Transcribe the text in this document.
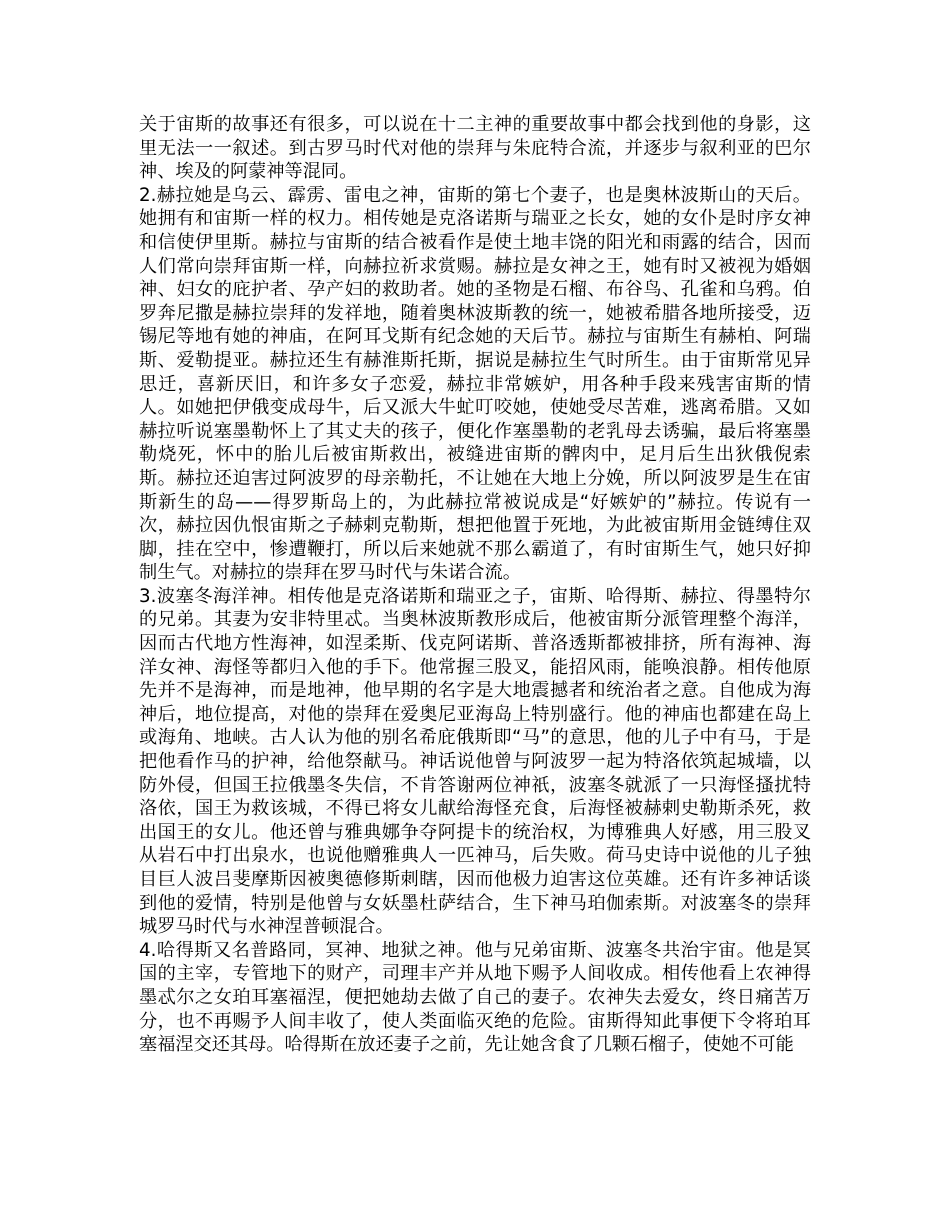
关于宙斯的故事还有很多，可以说在十二主神的重要故事中都会找到他的身影，这里无法一一叙述。到古罗马时代对他的崇拜与朱庇特合流，并逐步与叙利亚的巴尔神、埃及的阿蒙神等混同。

2.赫拉她是乌云、霹雳、雷电之神，宙斯的第七个妻子，也是奥林波斯山的天后。她拥有和宙斯一样的权力。相传她是克洛诺斯与瑞亚之长女，她的女仆是时序女神和信使伊里斯。赫拉与宙斯的结合被看作是使土地丰饶的阳光和雨露的结合，因而人们常向崇拜宙斯一样，向赫拉祈求赏赐。赫拉是女神之王，她有时又被视为婚姻神、妇女的庇护者、孕产妇的救助者。她的圣物是石榴、布谷鸟、孔雀和乌鸦。伯罗奔尼撒是赫拉崇拜的发祥地，随着奥林波斯教的统一，她被希腊各地所接受，迈锡尼等地有她的神庙，在阿耳戈斯有纪念她的天后节。赫拉与宙斯生有赫柏、阿瑞斯、爱勒提亚。赫拉还生有赫淮斯托斯，据说是赫拉生气时所生。由于宙斯常见异思迁，喜新厌旧，和许多女子恋爱，赫拉非常嫉妒，用各种手段来残害宙斯的情人。如她把伊俄变成母牛，后又派大牛虻叮咬她，使她受尽苦难，逃离希腊。又如赫拉听说塞墨勒怀上了其丈夫的孩子，便化作塞墨勒的老乳母去诱骗，最后将塞墨勒烧死，怀中的胎儿后被宙斯救出，被缝进宙斯的髀肉中，足月后生出狄俄倪索斯。赫拉还迫害过阿波罗的母亲勒托，不让她在大地上分娩，所以阿波罗是生在宙斯新生的岛——得罗斯岛上的，为此赫拉常被说成是“好嫉妒的”赫拉。传说有一次，赫拉因仇恨宙斯之子赫剌克勒斯，想把他置于死地，为此被宙斯用金链缚住双脚，挂在空中，惨遭鞭打，所以后来她就不那么霸道了，有时宙斯生气，她只好抑制生气。对赫拉的崇拜在罗马时代与朱诺合流。

3.波塞冬海洋神。相传他是克洛诺斯和瑞亚之子，宙斯、哈得斯、赫拉、得墨特尔的兄弟。其妻为安非特里忒。当奥林波斯教形成后，他被宙斯分派管理整个海洋，因而古代地方性海神，如涅柔斯、伐克阿诺斯、普洛透斯都被排挤，所有海神、海洋女神、海怪等都归入他的手下。他常握三股叉，能招风雨，能唤浪静。相传他原先并不是海神，而是地神，他早期的名字是大地震撼者和统治者之意。自他成为海神后，地位提高，对他的崇拜在爱奥尼亚海岛上特别盛行。他的神庙也都建在岛上或海角、地峡。古人认为他的别名希庇俄斯即“马”的意思，他的儿子中有马，于是把他看作马的护神，给他祭献马。神话说他曾与阿波罗一起为特洛依筑起城墙，以防外侵，但国王拉俄墨冬失信，不肯答谢两位神祇，波塞冬就派了一只海怪搔扰特洛依，国王为救该城，不得已将女儿献给海怪充食，后海怪被赫剌史勒斯杀死，救出国王的女儿。他还曾与雅典娜争夺阿提卡的统治权，为博雅典人好感，用三股叉从岩石中打出泉水，也说他赠雅典人一匹神马，后失败。荷马史诗中说他的儿子独目巨人波吕斐摩斯因被奥德修斯刺瞎，因而他极力迫害这位英雄。还有许多神话谈到他的爱情，特别是他曾与女妖墨杜萨结合，生下神马珀伽索斯。对波塞冬的崇拜城罗马时代与水神涅普顿混合。

4.哈得斯又名普路同，冥神、地狱之神。他与兄弟宙斯、波塞冬共治宇宙。他是冥国的主宰，专管地下的财产，司理丰产并从地下赐予人间收成。相传他看上农神得墨忒尔之女珀耳塞福涅，便把她劫去做了自己的妻子。农神失去爱女，终日痛苦万分，也不再赐予人间丰收了，使人类面临灭绝的危险。宙斯得知此事便下令将珀耳塞福涅交还其母。哈得斯在放还妻子之前，先让她含食了几颗石榴子，使她不可能
